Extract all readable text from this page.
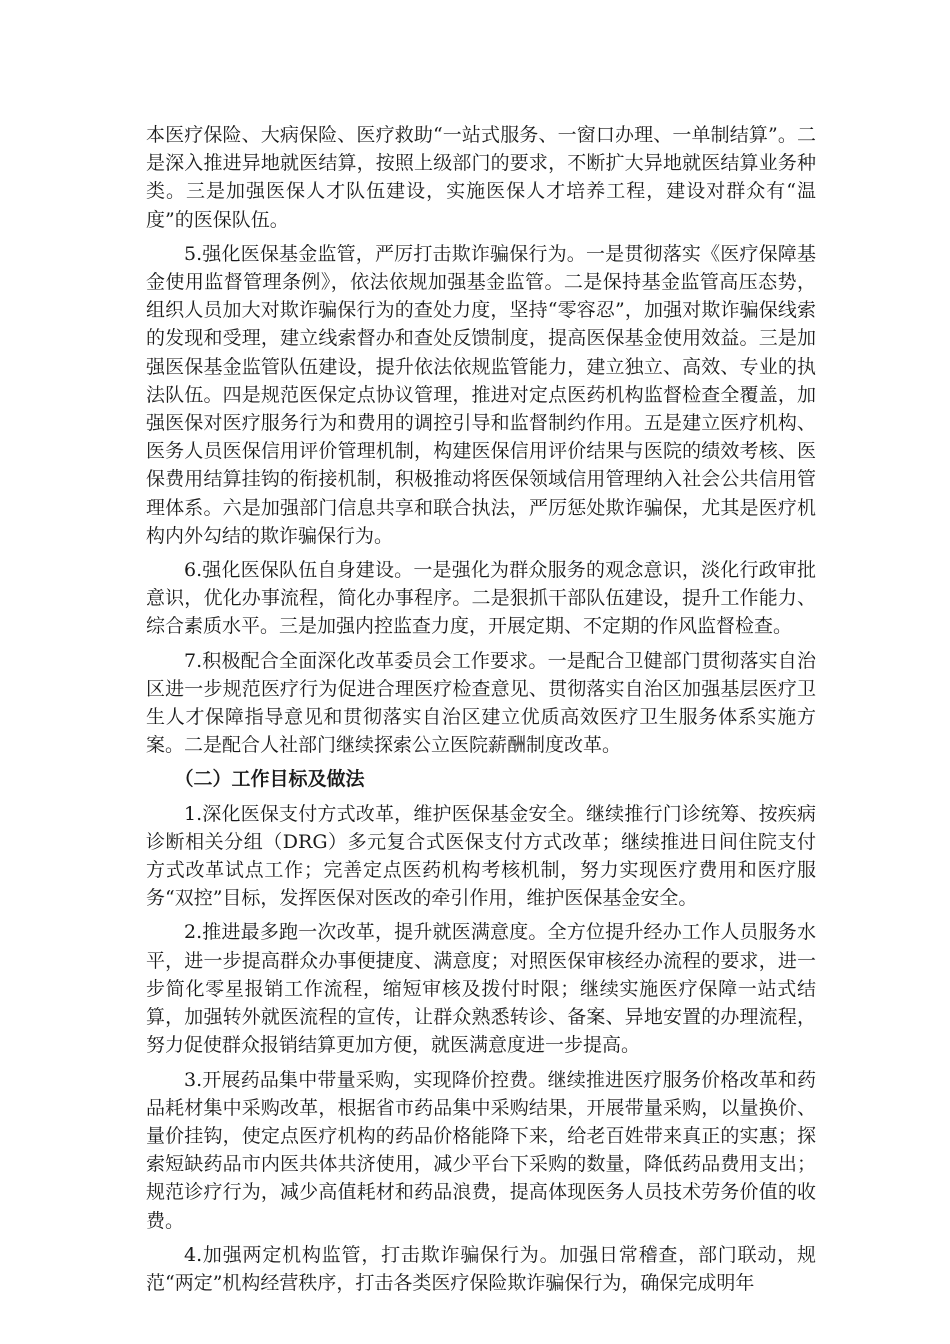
本医疗保险、大病保险、医疗救助“一站式服务、一窗口办理、一单制结算”。二是深入推进异地就医结算，按照上级部门的要求，不断扩大异地就医结算业务种类。三是加强医保人才队伍建设，实施医保人才培养工程，建设对群众有“温度”的医保队伍。

5.强化医保基金监管，严厉打击欺诈骗保行为。一是贯彻落实《医疗保障基金使用监督管理条例》，依法依规加强基金监管。二是保持基金监管高压态势，组织人员加大对欺诈骗保行为的查处力度，坚持“零容忍”，加强对欺诈骗保线索的发现和受理，建立线索督办和查处反馈制度，提高医保基金使用效益。三是加强医保基金监管队伍建设，提升依法依规监管能力，建立独立、高效、专业的执法队伍。四是规范医保定点协议管理，推进对定点医药机构监督检查全覆盖，加强医保对医疗服务行为和费用的调控引导和监督制约作用。五是建立医疗机构、医务人员医保信用评价管理机制，构建医保信用评价结果与医院的绩效考核、医保费用结算挂钩的衔接机制，积极推动将医保领域信用管理纳入社会公共信用管理体系。六是加强部门信息共享和联合执法，严厉惩处欺诈骗保，尤其是医疗机构内外勾结的欺诈骗保行为。

6.强化医保队伍自身建设。一是强化为群众服务的观念意识，淡化行政审批意识，优化办事流程，简化办事程序。二是狠抓干部队伍建设，提升工作能力、综合素质水平。三是加强内控监查力度，开展定期、不定期的作风监督检查。

7.积极配合全面深化改革委员会工作要求。一是配合卫健部门贯彻落实自治区进一步规范医疗行为促进合理医疗检查意见、贯彻落实自治区加强基层医疗卫生人才保障指导意见和贯彻落实自治区建立优质高效医疗卫生服务体系实施方案。二是配合人社部门继续探索公立医院薪酬制度改革。

（二）工作目标及做法

1.深化医保支付方式改革，维护医保基金安全。继续推行门诊统筹、按疾病诊断相关分组（DRG）多元复合式医保支付方式改革；继续推进日间住院支付方式改革试点工作；完善定点医药机构考核机制，努力实现医疗费用和医疗服务“双控”目标，发挥医保对医改的牵引作用，维护医保基金安全。

2.推进最多跑一次改革，提升就医满意度。全方位提升经办工作人员服务水平，进一步提高群众办事便捷度、满意度；对照医保审核经办流程的要求，进一步简化零星报销工作流程，缩短审核及拨付时限；继续实施医疗保障一站式结算，加强转外就医流程的宣传，让群众熟悉转诊、备案、异地安置的办理流程，努力促使群众报销结算更加方便，就医满意度进一步提高。

3.开展药品集中带量采购，实现降价控费。继续推进医疗服务价格改革和药品耗材集中采购改革，根据省市药品集中采购结果，开展带量采购，以量换价、量价挂钩，使定点医疗机构的药品价格能降下来，给老百姓带来真正的实惠；探索短缺药品市内医共体共济使用，减少平台下采购的数量，降低药品费用支出；规范诊疗行为，减少高值耗材和药品浪费，提高体现医务人员技术劳务价值的收费。

4.加强两定机构监管，打击欺诈骗保行为。加强日常稽查，部门联动，规范“两定”机构经营秩序，打击各类医疗保险欺诈骗保行为，确保完成明年
